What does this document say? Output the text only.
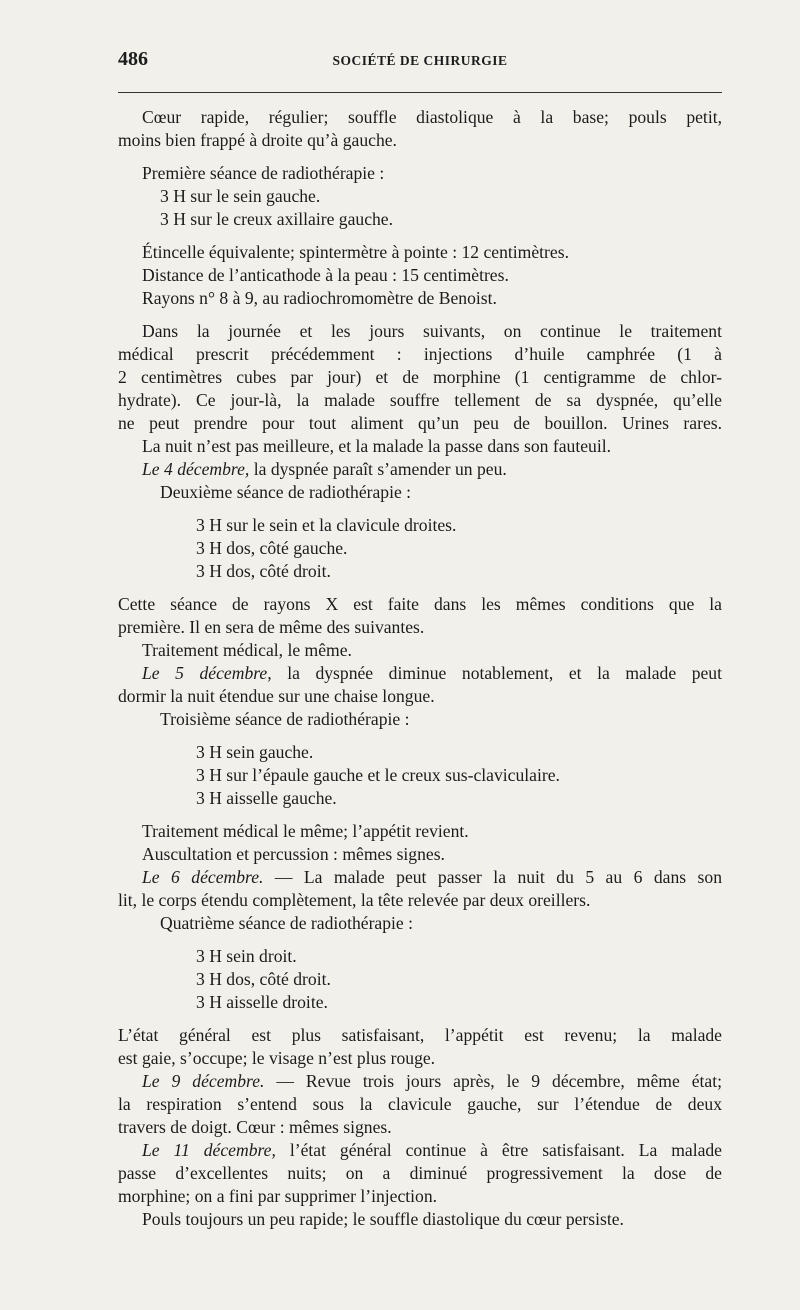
486	SOCIÉTÉ DE CHIRURGIE
Cœur rapide, régulier; souffle diastolique à la base; pouls petit,
moins bien frappé à droite qu’à gauche.
Première séance de radiothérapie :
3 H sur le sein gauche.
3 H sur le creux axillaire gauche.
Étincelle équivalente; spintermètre à pointe : 12 centimètres.
Distance de l’anticathode à la peau : 15 centimètres.
Rayons n° 8 à 9, au radiochromomètre de Benoist.
Dans la journée et les jours suivants, on continue le traitement
médical prescrit précédemment : injections d’huile camphrée (1 à
2 centimètres cubes par jour) et de morphine (1 centigramme de chlor-
hydrate). Ce jour-là, la malade souffre tellement de sa dyspnée, qu’elle
ne peut prendre pour tout aliment qu’un peu de bouillon. Urines rares.
La nuit n’est pas meilleure, et la malade la passe dans son fauteuil.
Le 4 décembre, la dyspnée paraît s’amender un peu.
Deuxième séance de radiothérapie :
3 H sur le sein et la clavicule droites.
3 H dos, côté gauche.
3 H dos, côté droit.
Cette séance de rayons X est faite dans les mêmes conditions que la
première. Il en sera de même des suivantes.
Traitement médical, le même.
Le 5 décembre, la dyspnée diminue notablement, et la malade peut
dormir la nuit étendue sur une chaise longue.
Troisième séance de radiothérapie :
3 H sein gauche.
3 H sur l’épaule gauche et le creux sus-claviculaire.
3 H aisselle gauche.
Traitement médical le même; l’appétit revient.
Auscultation et percussion : mêmes signes.
Le 6 décembre. — La malade peut passer la nuit du 5 au 6 dans son
lit, le corps étendu complètement, la tête relevée par deux oreillers.
Quatrième séance de radiothérapie :
3 H sein droit.
3 H dos, côté droit.
3 H aisselle droite.
L’état général est plus satisfaisant, l’appétit est revenu; la malade
est gaie, s’occupe; le visage n’est plus rouge.
Le 9 décembre. — Revue trois jours après, le 9 décembre, même état;
la respiration s’entend sous la clavicule gauche, sur l’étendue de deux
travers de doigt. Cœur : mêmes signes.
Le 11 décembre, l’état général continue à être satisfaisant. La malade
passe d’excellentes nuits; on a diminué progressivement la dose de
morphine; on a fini par supprimer l’injection.
Pouls toujours un peu rapide; le souffle diastolique du cœur persiste.
